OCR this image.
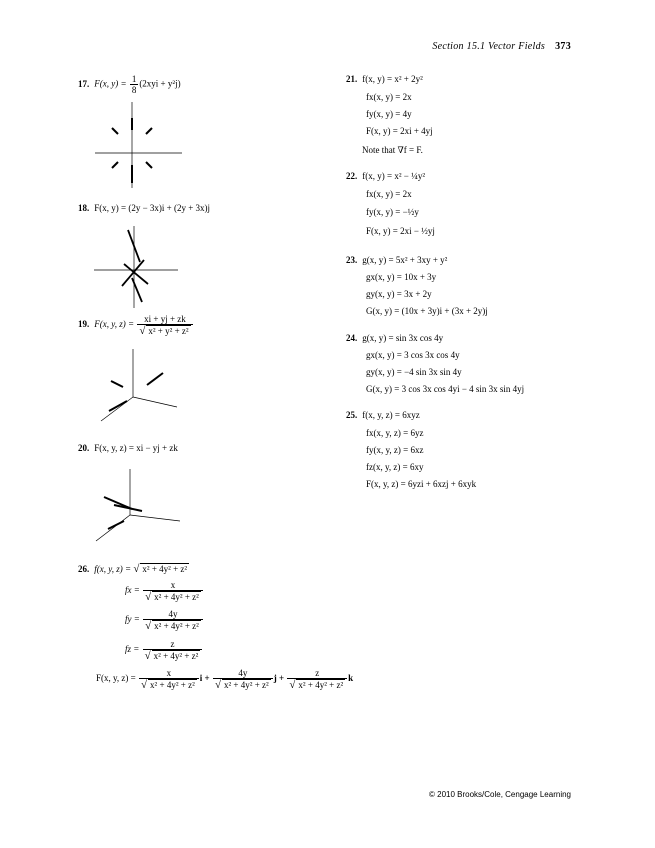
Section 15.1 Vector Fields 373
17. F(x, $y) = \frac{1}{8} (2xyi + y^2j)$
18. F(x, y) = (2y − 3x)i + (2y + 3x)j
19. F(x, y, $z) = \frac{xi + yj + zk}{\text{√ x² + y² + z²}}$
20. F(x, y, z) = xi − yj + zk
21. f(x, y) = x² + 2y²
fx(x, y) = 2x
fy(x, y) = 4y
F(x, y) = 2xi + 4yj
Note that ∇f = F.
22. f(x, y) = x² − ¼y²
fx(x, y) = 2x
fy(x, y) = −½y
F(x, y) = 2xi − ½yj
23. g(x, y) = 5x² + 3xy + y²
gx(x, y) = 10x + 3y
gy(x, y) = 3x + 2y
G(x, y) = (10x + 3y)i + (3x + 2y)j
24. g(x, y) = sin 3x cos 4y
gx(x, y) = 3 cos 3x cos 4y
gy(x, y) = −4 sin 3x sin 4y
G(x, y) = 3 cos 3x cos 4yi − 4 sin 3x sin 4yj
25. f(x, y, z) = 6xyz
fx(x, y, z) = 6yz
fy(x, y, z) = 6xz
fz(x, y, z) = 6xy
F(x, y, z) = 6yzi + 6xzj + 6xyk
26. f(x, y, z) = √ x² + 4y² + z²
fx = $\frac{x}{\text{√ x² + 4y² + z²}}$
fy = $\frac{4y}{\text{√ x² + 4y² + z²}}$
fz = $\frac{z}{\text{√ x² + 4y² + z²}}$
F(x, y, $z) = \frac{x}{\text{√ x² + 4y² + z²}}$ $i + \frac{4y}{\text{√ x² + 4y² + z²}}$ $j + \frac{z}{\text{√ x² + 4y² + z²}}$ k
© 2010 Brooks/Cole, Cengage Learning
